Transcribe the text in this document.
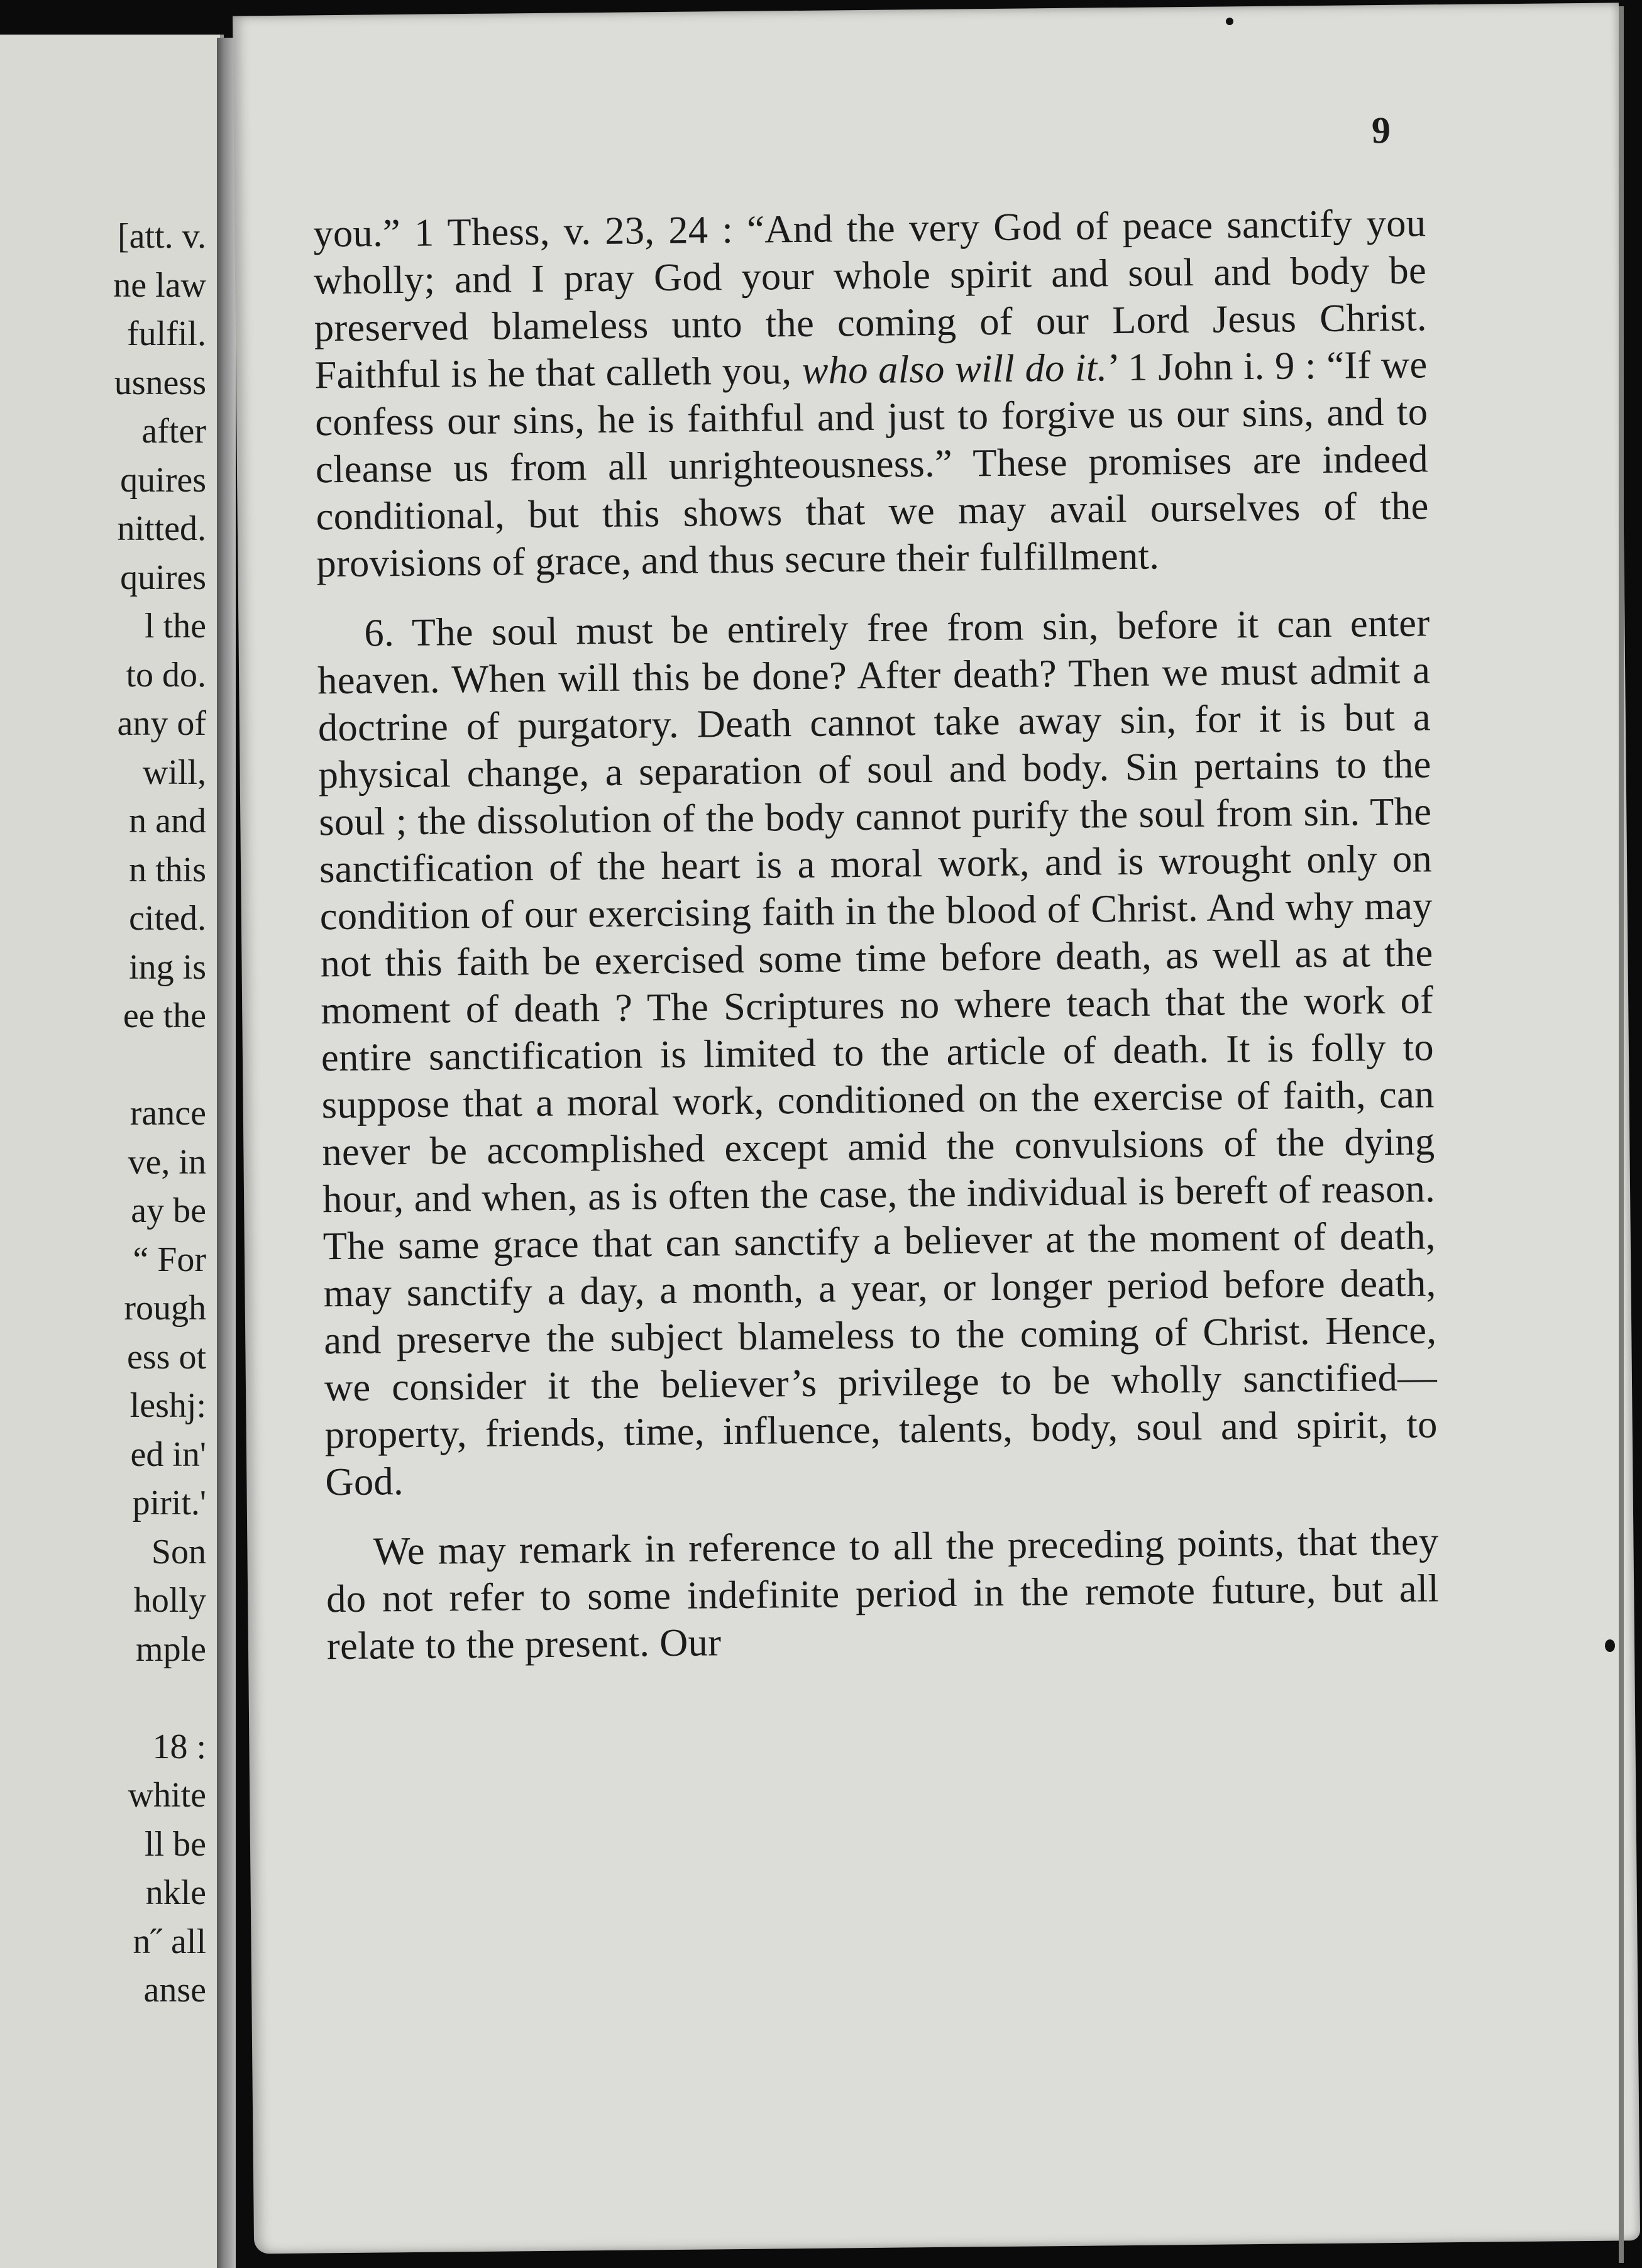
[att. v.
ne law
fulfil.
usness
after
quires
nitted.
quires
l the
to do.
any of
will,
n and
n this
cited.
ing is
ee the
rance
ve, in
ay be
“ For
rough
ess ot
leshj:
ed in'
pirit.'
Son
holly
mple
18 :
white
ll be
nkle
n˝ all
anse
9

you.” 1 Thess, v. 23, 24 : “And the very God of peace sanctify you wholly; and I pray God your whole spirit and soul and body be preserved blameless unto the coming of our Lord Jesus Christ. Faithful is he that calleth you, who also will do it.’ 1 John i. 9 : “If we confess our sins, he is faithful and just to forgive us our sins, and to cleanse us from all unrighteousness.” These promises are indeed conditional, but this shows that we may avail ourselves of the provisions of grace, and thus secure their fulfillment.

6. The soul must be entirely free from sin, before it can enter heaven. When will this be done? After death? Then we must admit a doctrine of purgatory. Death cannot take away sin, for it is but a physical change, a separation of soul and body. Sin pertains to the soul ; the dissolution of the body cannot purify the soul from sin. The sanctification of the heart is a moral work, and is wrought only on condition of our exercising faith in the blood of Christ. And why may not this faith be exercised some time before death, as well as at the moment of death ? The Scriptures no where teach that the work of entire sanctification is limited to the article of death. It is folly to suppose that a moral work, conditioned on the exercise of faith, can never be accomplished except amid the convulsions of the dying hour, and when, as is often the case, the individual is bereft of reason. The same grace that can sanctify a believer at the moment of death, may sanctify a day, a month, a year, or longer period before death, and preserve the subject blameless to the coming of Christ. Hence, we consider it the believer’s privilege to be wholly sanctified—property, friends, time, influence, talents, body, soul and spirit, to God.

We may remark in reference to all the preceding points, that they do not refer to some indefinite period in the remote future, but all relate to the present. Our
